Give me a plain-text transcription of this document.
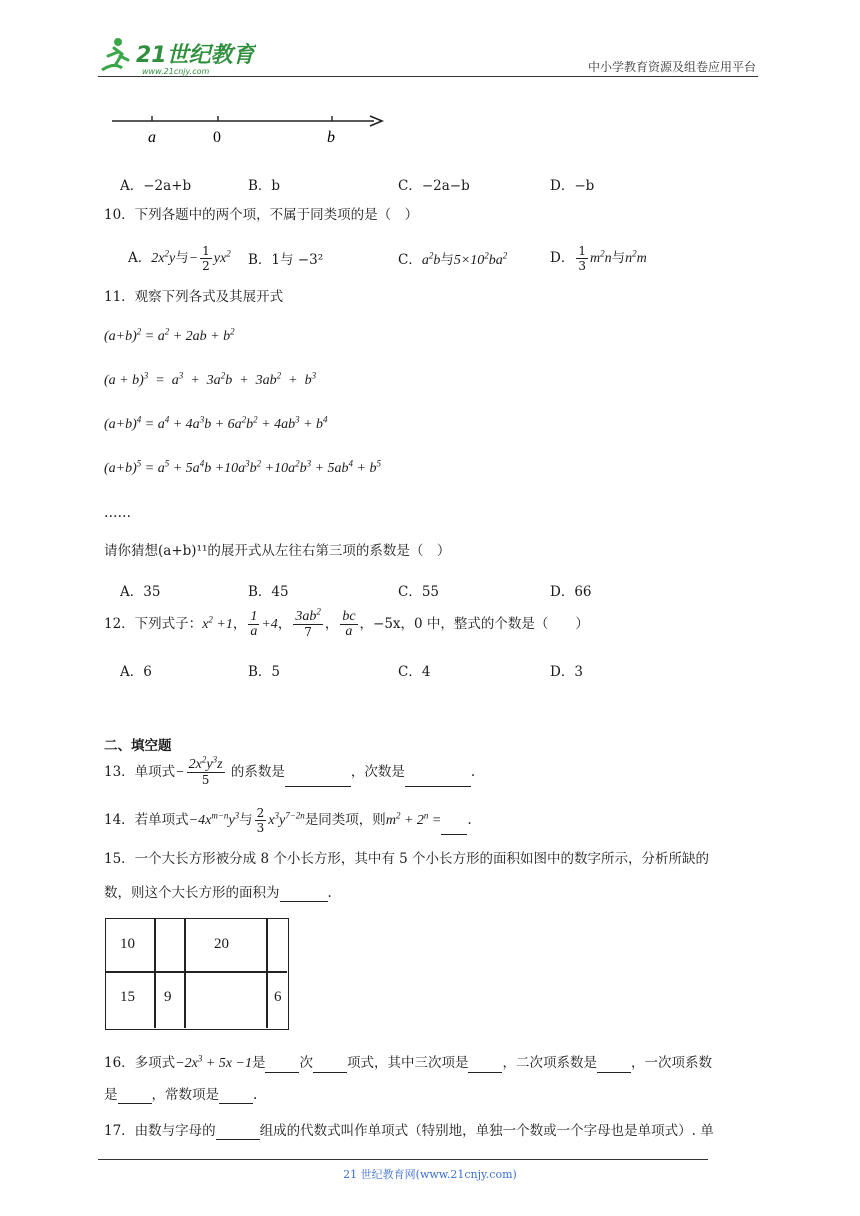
21世纪教育
www.21cnjy.com	中小学教育资源及组卷应用平台
a	0	b
A．−2a+b	B．b	C．−2a−b	D．−b
10．下列各题中的两个项，不属于同类项的是（　）
A．$2x^2y$与− $\frac{1}{2} yx^2$ B．1与 −3²	C．$a^2b$与$5\times 10^2ba^2$	D． $\frac{1}{3} m^2n$与$n^2m$
11．观察下列各式及其展开式
$(a+b)^2 = a^2 + 2ab + b^2$
$(a + b)^3 = a^3 + 3a^2b + 3ab^2 + b^3$
$(a+b)^4 = a^4 + 4a^3b + 6a^2b^2 + 4ab^3 + b^4$
$(a+b)^5 = a^5 + 5a^4b +10a^3b^2 +10a^2b^3 + 5ab^4 + b^5$
……
请你猜想(a+b)¹¹的展开式从左往右第三项的系数是（　）
A．35	B．45	C．55	D．66
12．下列式子：$x^2 +1$， $\frac{1}{a} +4$， $\frac{3ab^2}{7}$ ， $\frac{bc}{a}$ ，−5x，0 中，整式的个数是（　　）
A．6	B．5	C．4	D．3
二、填空题
13．单项式− $\frac{2x^2y^3z}{5}$ 的系数是	，次数是	.
14．若单项式$-4x^{m-n}y^3$与 $\frac{2}{3} x^3y^{7-2n}$是同类项，则$m^2 + 2^n$ = .
15．一个大长方形被分成 8 个小长方形，其中有 5 个小长方形的面积如图中的数字所示，分析所缺的
数，则这个大长方形的面积为	.
10	20
15 9	6
16．多项式$-2x^3 + 5x -1$是	次	项式，其中三次项是	，二次项系数是	，一次项系数
是	，常数项是	.
17．由数与字母的	组成的代数式叫作单项式（特别地，单独一个数或一个字母也是单项式）. 单
21 世纪教育网(www.21cnjy.com)
